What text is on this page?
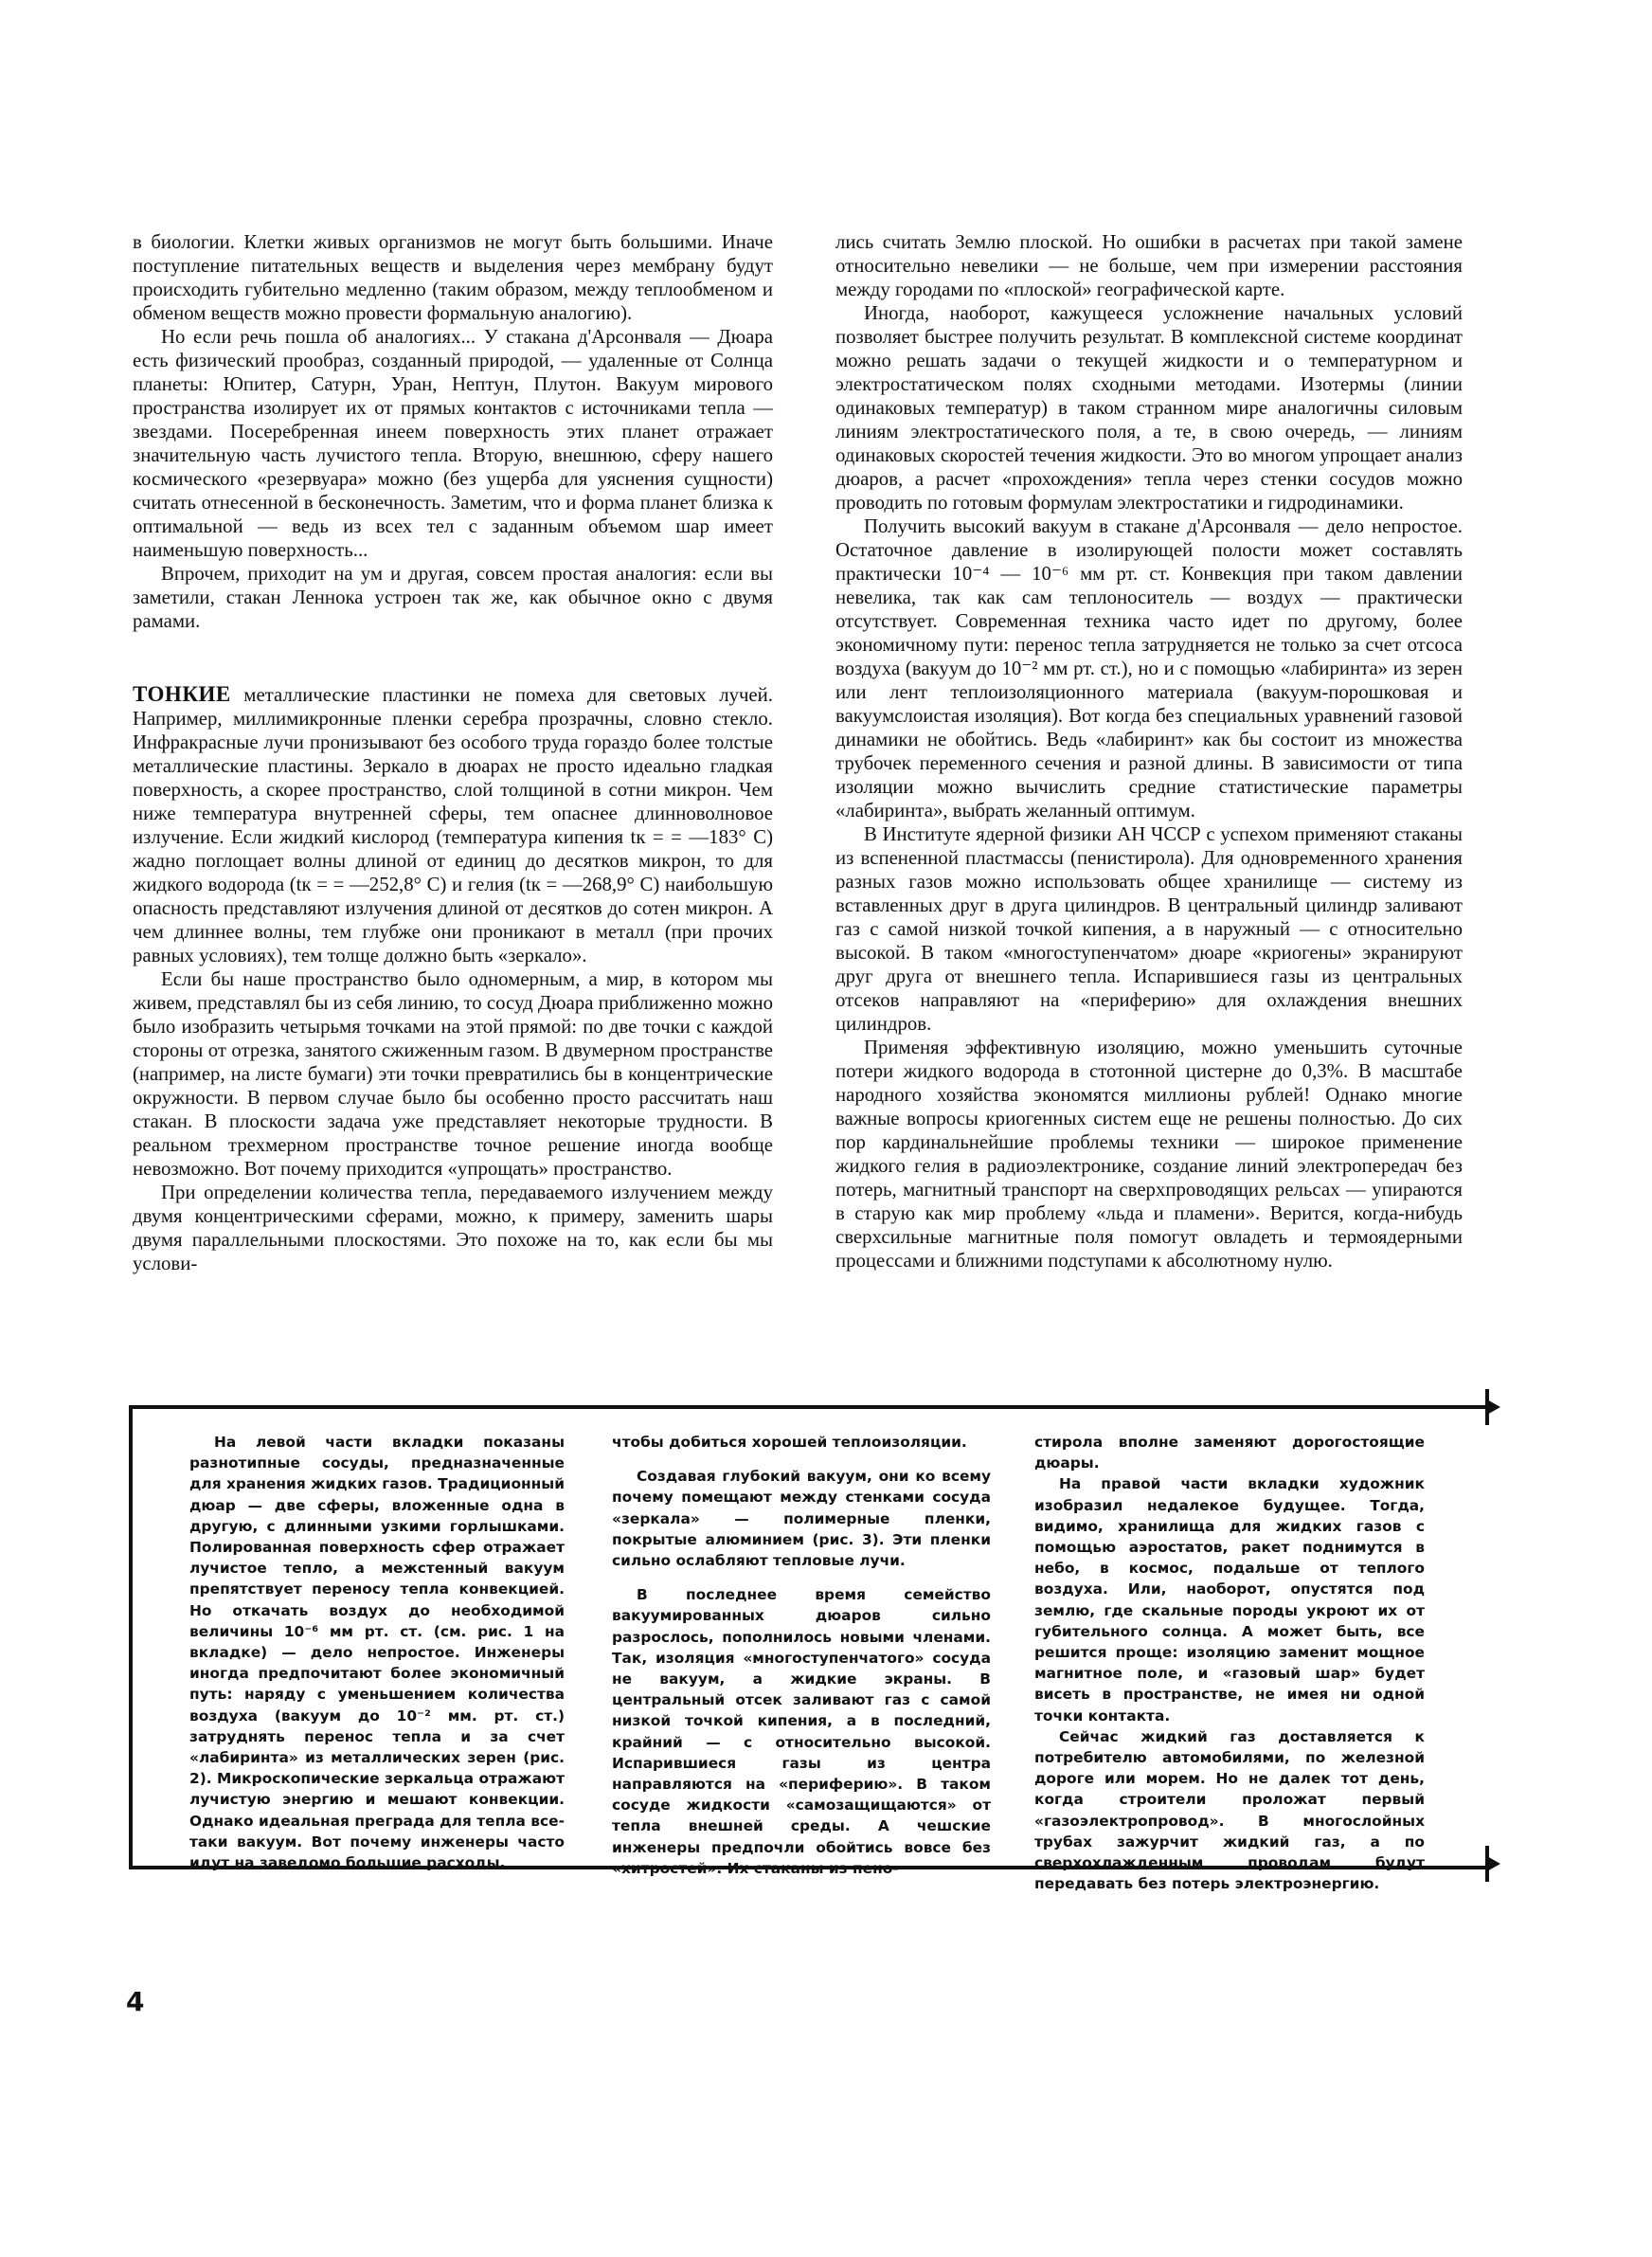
в биологии. Клетки живых организмов не могут быть большими. Иначе поступление питательных веществ и выделения через мембрану будут происходить губительно медленно (таким образом, между теплообменом и обменом веществ можно провести формальную аналогию).

Но если речь пошла об аналогиях... У стакана д'Арсонваля — Дюара есть физический прообраз, созданный природой, — удаленные от Солнца планеты: Юпитер, Сатурн, Уран, Нептун, Плутон. Вакуум мирового пространства изолирует их от прямых контактов с источниками тепла — звездами. Посеребренная инеем поверхность этих планет отражает значительную часть лучистого тепла. Вторую, внешнюю, сферу нашего космического «резервуара» можно (без ущерба для уяснения сущности) считать отнесенной в бесконечность. Заметим, что и форма планет близка к оптимальной — ведь из всех тел с заданным объемом шар имеет наименьшую поверхность...

Впрочем, приходит на ум и другая, совсем простая аналогия: если вы заметили, стакан Леннока устроен так же, как обычное окно с двумя рамами.

ТОНКИЕ металлические пластинки не помеха для световых лучей. Например, миллимикронные пленки серебра прозрачны, словно стекло. Инфракрасные лучи пронизывают без особого труда гораздо более толстые металлические пластины. Зеркало в дюарах не просто идеально гладкая поверхность, а скорее пространство, слой толщиной в сотни микрон. Чем ниже температура внутренней сферы, тем опаснее длинноволновое излучение. Если жидкий кислород (температура кипения tк = = —183° С) жадно поглощает волны длиной от единиц до десятков микрон, то для жидкого водорода (tк = = —252,8° С) и гелия (tк = —268,9° С) наибольшую опасность представляют излучения длиной от десятков до сотен микрон. А чем длиннее волны, тем глубже они проникают в металл (при прочих равных условиях), тем толще должно быть «зеркало».

Если бы наше пространство было одномерным, а мир, в котором мы живем, представлял бы из себя линию, то сосуд Дюара приближенно можно было изобразить четырьмя точками на этой прямой: по две точки с каждой стороны от отрезка, занятого сжиженным газом. В двумерном пространстве (например, на листе бумаги) эти точки превратились бы в концентрические окружности. В первом случае было бы особенно просто рассчитать наш стакан. В плоскости задача уже представляет некоторые трудности. В реальном трехмерном пространстве точное решение иногда вообще невозможно. Вот почему приходится «упрощать» пространство.

При определении количества тепла, передаваемого излучением между двумя концентрическими сферами, можно, к примеру, заменить шары двумя параллельными плоскостями. Это похоже на то, как если бы мы услови-

лись считать Землю плоской. Но ошибки в расчетах при такой замене относительно невелики — не больше, чем при измерении расстояния между городами по «плоской» географической карте.

Иногда, наоборот, кажущееся усложнение начальных условий позволяет быстрее получить результат. В комплексной системе координат можно решать задачи о текущей жидкости и о температурном и электростатическом полях сходными методами. Изотермы (линии одинаковых температур) в таком странном мире аналогичны силовым линиям электростатического поля, а те, в свою очередь, — линиям одинаковых скоростей течения жидкости. Это во многом упрощает анализ дюаров, а расчет «прохождения» тепла через стенки сосудов можно проводить по готовым формулам электростатики и гидродинамики.

Получить высокий вакуум в стакане д'Арсонваля — дело непростое. Остаточное давление в изолирующей полости может составлять практически 10⁻⁴ — 10⁻⁶ мм рт. ст. Конвекция при таком давлении невелика, так как сам теплоноситель — воздух — практически отсутствует. Современная техника часто идет по другому, более экономичному пути: перенос тепла затрудняется не только за счет отсоса воздуха (вакуум до 10⁻² мм рт. ст.), но и с помощью «лабиринта» из зерен или лент теплоизоляционного материала (вакуум-порошковая и вакуумслоистая изоляция). Вот когда без специальных уравнений газовой динамики не обойтись. Ведь «лабиринт» как бы состоит из множества трубочек переменного сечения и разной длины. В зависимости от типа изоляции можно вычислить средние статистические параметры «лабиринта», выбрать желанный оптимум.

В Институте ядерной физики АН ЧССР с успехом применяют стаканы из вспененной пластмассы (пенистирола). Для одновременного хранения разных газов можно использовать общее хранилище — систему из вставленных друг в друга цилиндров. В центральный цилиндр заливают газ с самой низкой точкой кипения, а в наружный — с относительно высокой. В таком «многоступенчатом» дюаре «криогены» экранируют друг друга от внешнего тепла. Испарившиеся газы из центральных отсеков направляют на «периферию» для охлаждения внешних цилиндров.

Применяя эффективную изоляцию, можно уменьшить суточные потери жидкого водорода в стотонной цистерне до 0,3%. В масштабе народного хозяйства экономятся миллионы рублей! Однако многие важные вопросы криогенных систем еще не решены полностью. До сих пор кардинальнейшие проблемы техники — широкое применение жидкого гелия в радиоэлектронике, создание линий электропередач без потерь, магнитный транспорт на сверхпроводящих рельсах — упираются в старую как мир проблему «льда и пламени». Верится, когда-нибудь сверхсильные магнитные поля помогут овладеть и термоядерными процессами и ближними подступами к абсолютному нулю.

На левой части вкладки показаны разнотипные сосуды, предназначенные для хранения жидких газов. Традиционный дюар — две сферы, вложенные одна в другую, с длинными узкими горлышками. Полированная поверхность сфер отражает лучистое тепло, а межстенный вакуум препятствует переносу тепла конвекцией. Но откачать воздух до необходимой величины 10⁻⁶ мм рт. ст. (см. рис. 1 на вкладке) — дело непростое. Инженеры иногда предпочитают более экономичный путь: наряду с уменьшением количества воздуха (вакуум до 10⁻² мм. рт. ст.) затруднять перенос тепла и за счет «лабиринта» из металлических зерен (рис. 2). Микроскопические зеркальца отражают лучистую энергию и мешают конвекции. Однако идеальная преграда для тепла все-таки вакуум. Вот почему инженеры часто идут на заведомо большие расходы,

чтобы добиться хорошей теплоизоляции.

Создавая глубокий вакуум, они ко всему почему помещают между стенками сосуда «зеркала» — полимерные пленки, покрытые алюминием (рис. 3). Эти пленки сильно ослабляют тепловые лучи.

В последнее время семейство вакуумированных дюаров сильно разрослось, пополнилось новыми членами. Так, изоляция «многоступенчатого» сосуда не вакуум, а жидкие экраны. В центральный отсек заливают газ с самой низкой точкой кипения, а в последний, крайний — с относительно высокой. Испарившиеся газы из центра направляются на «периферию». В таком сосуде жидкости «самозащищаются» от тепла внешней среды. А чешские инженеры предпочли обойтись вовсе без «хитростей». Их стаканы из пено-

стирола вполне заменяют дорогостоящие дюары.

На правой части вкладки художник изобразил недалекое будущее. Тогда, видимо, хранилища для жидких газов с помощью аэростатов, ракет поднимутся в небо, в космос, подальше от теплого воздуха. Или, наоборот, опустятся под землю, где скальные породы укроют их от губительного солнца. А может быть, все решится проще: изоляцию заменит мощное магнитное поле, и «газовый шар» будет висеть в пространстве, не имея ни одной точки контакта.

Сейчас жидкий газ доставляется к потребителю автомобилями, по железной дороге или морем. Но не далек тот день, когда строители проложат первый «газоэлектропровод». В многослойных трубах зажурчит жидкий газ, а по сверхохлажденным проводам будут передавать без потерь электроэнергию.

4
